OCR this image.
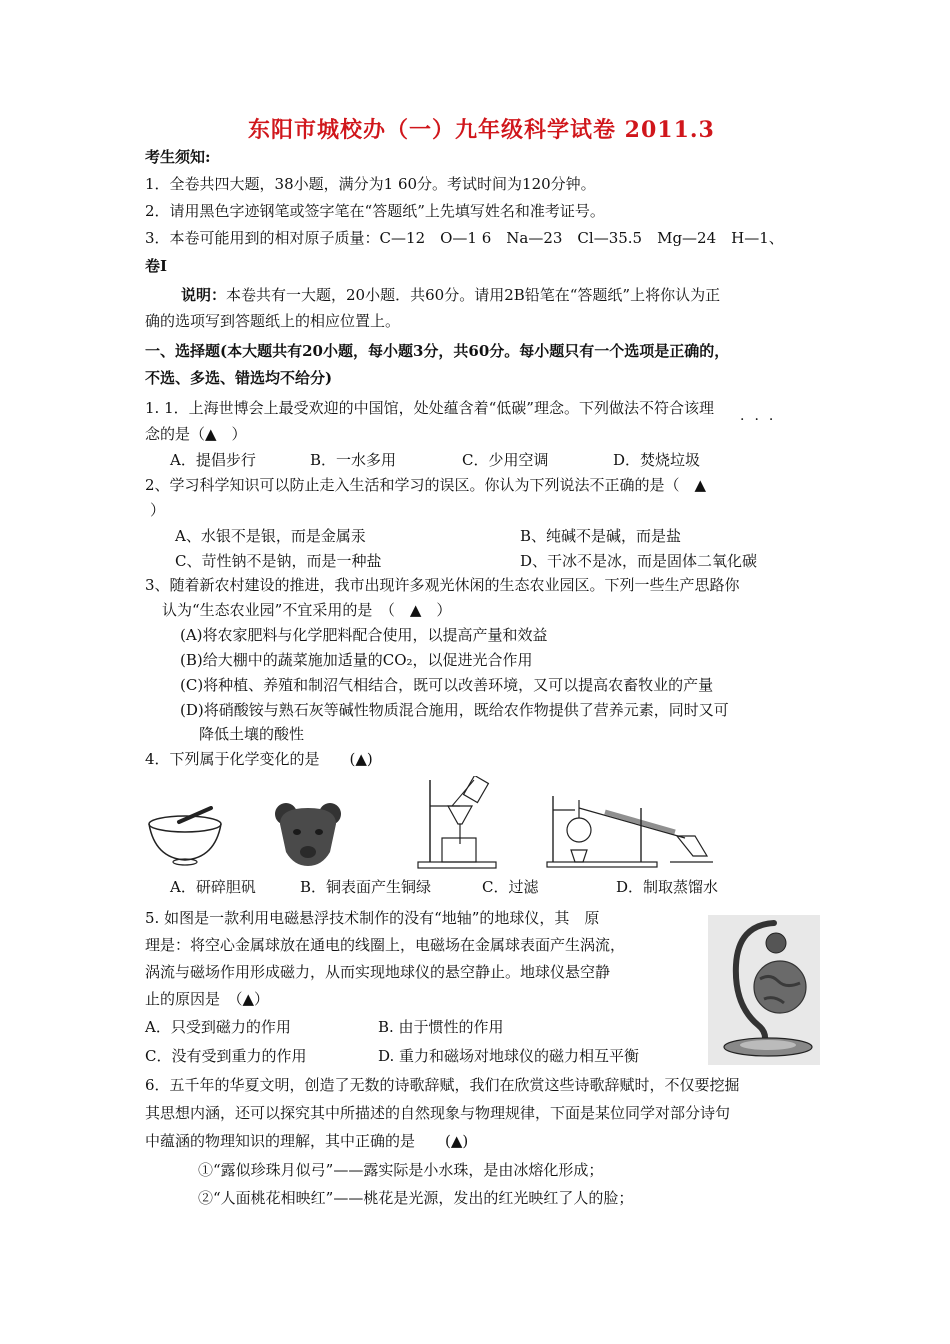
东阳市城校办（一）九年级科学试卷 2011.3
考生须知:
1．全卷共四大题，38小题，满分为1 60分。考试时间为120分钟。
2．请用黑色字迹钢笔或签字笔在“答题纸”上先填写姓名和准考证号。
3．本卷可能用到的相对原子质量：C—12　O—1 6　Na—23　Cl—35.5　Mg—24　H—1、
卷Ⅰ
说明：本卷共有一大题，20小题．共60分。请用2B铅笔在“答题纸”上将你认为正
确的选项写到答题纸上的相应位置上。
一、选择题(本大题共有20小题，每小题3分，共60分。每小题只有一个选项是正确的，
不选、多选、错选均不给分)
1. 1．上海世博会上最受欢迎的中国馆，处处蕴含着“低碳”理念。下列做法不符合该理
···
念的是（▲　）
A．提倡步行	B．一水多用	C．少用空调	D．焚烧垃圾
2、学习科学知识可以防止走入生活和学习的误区。你认为下列说法不正确的是（　▲
）
A、水银不是银，而是金属汞	B、纯碱不是碱，而是盐
C、苛性钠不是钠，而是一种盐	D、干冰不是冰，而是固体二氧化碳
3、随着新农村建设的推进，我市出现许多观光休闲的生态农业园区。下列一些生产思路你
认为“生态农业园”不宜采用的是　（　▲　）
(A)将农家肥料与化学肥料配合使用，以提高产量和效益
(B)给大棚中的蔬菜施加适量的CO₂，以促进光合作用
(C)将种植、养殖和制沼气相结合，既可以改善环境，又可以提高农畜牧业的产量
(D)将硝酸铵与熟石灰等碱性物质混合施用，既给农作物提供了营养元素，同时又可
降低土壤的酸性
4．下列属于化学变化的是　　(▲)
A．研碎胆矾	B．铜表面产生铜绿	C．过滤	D．制取蒸馏水
5. 如图是一款利用电磁悬浮技术制作的没有“地轴”的地球仪，其　原
理是：将空心金属球放在通电的线圈上，电磁场在金属球表面产生涡流，
涡流与磁场作用形成磁力，从而实现地球仪的悬空静止。地球仪悬空静
止的原因是　（▲）
A．只受到磁力的作用	B. 由于惯性的作用
C．没有受到重力的作用	D. 重力和磁场对地球仪的磁力相互平衡
6．五千年的华夏文明，创造了无数的诗歌辞赋，我们在欣赏这些诗歌辞赋时，不仅要挖掘
其思想内涵，还可以探究其中所描述的自然现象与物理规律，下面是某位同学对部分诗句
中蕴涵的物理知识的理解，其中正确的是　　(▲)
①“露似珍珠月似弓”——露实际是小水珠，是由冰熔化形成；
②“人面桃花相映红”——桃花是光源，发出的红光映红了人的脸；
